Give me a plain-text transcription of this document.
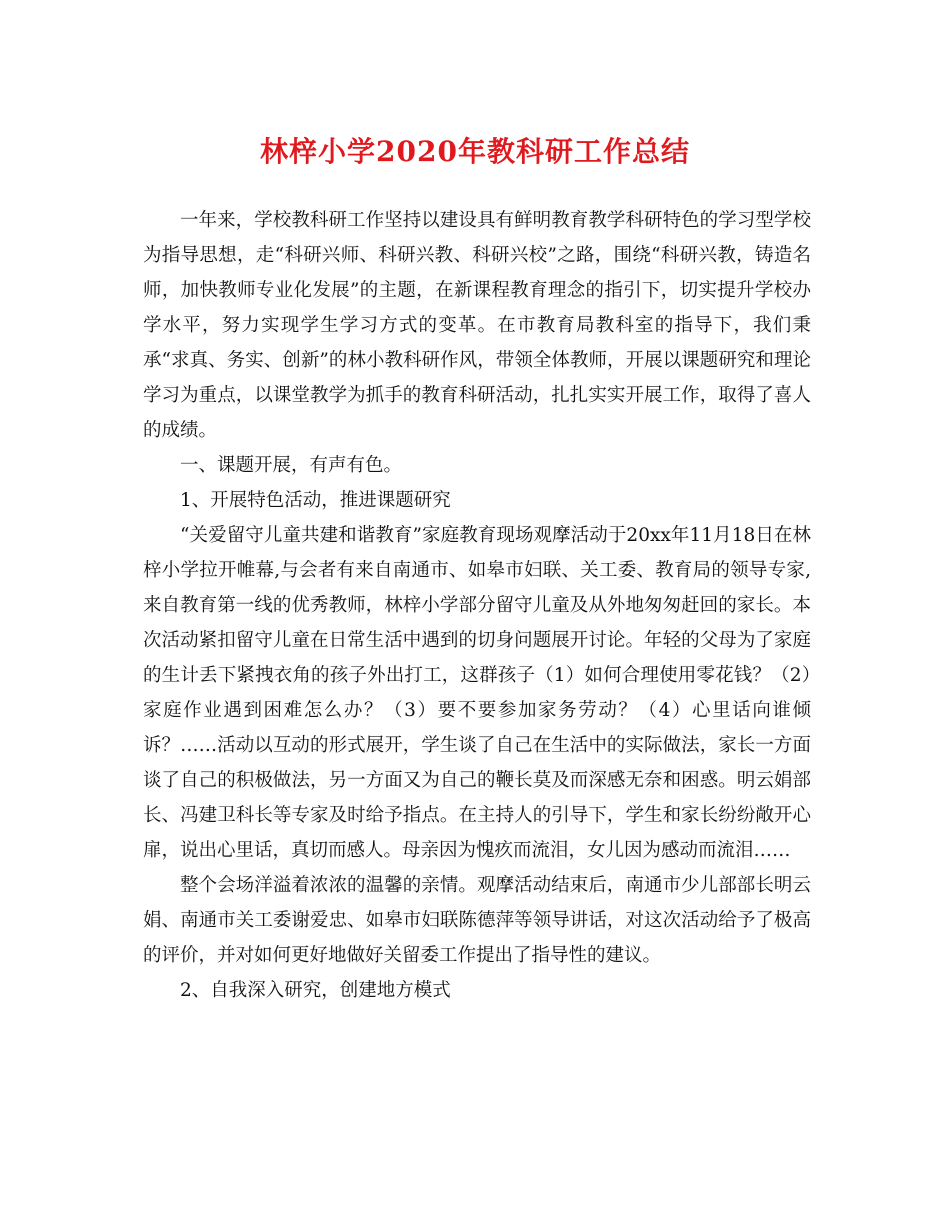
林梓小学2020年教科研工作总结

一年来，学校教科研工作坚持以建设具有鲜明教育教学科研特色的学习型学校为指导思想，走“科研兴师、科研兴教、科研兴校”之路，围绕“科研兴教，铸造名师，加快教师专业化发展”的主题，在新课程教育理念的指引下，切实提升学校办学水平，努力实现学生学习方式的变革。在市教育局教科室的指导下，我们秉承“求真、务实、创新”的林小教科研作风，带领全体教师，开展以课题研究和理论学习为重点，以课堂教学为抓手的教育科研活动，扎扎实实开展工作，取得了喜人的成绩。

一、课题开展，有声有色。

1、开展特色活动，推进课题研究

“关爱留守儿童共建和谐教育”家庭教育现场观摩活动于20xx年11月18日在林梓小学拉开帷幕,与会者有来自南通市、如皋市妇联、关工委、教育局的领导专家,来自教育第一线的优秀教师，林梓小学部分留守儿童及从外地匆匆赶回的家长。本次活动紧扣留守儿童在日常生活中遇到的切身问题展开讨论。年轻的父母为了家庭的生计丢下紧拽衣角的孩子外出打工，这群孩子（1）如何合理使用零花钱？（2）家庭作业遇到困难怎么办？（3）要不要参加家务劳动？（4）心里话向谁倾诉？……活动以互动的形式展开，学生谈了自己在生活中的实际做法，家长一方面谈了自己的积极做法，另一方面又为自己的鞭长莫及而深感无奈和困惑。明云娟部长、冯建卫科长等专家及时给予指点。在主持人的引导下，学生和家长纷纷敞开心扉，说出心里话，真切而感人。母亲因为愧疚而流泪，女儿因为感动而流泪……

整个会场洋溢着浓浓的温馨的亲情。观摩活动结束后，南通市少儿部部长明云娟、南通市关工委谢爱忠、如皋市妇联陈德萍等领导讲话，对这次活动给予了极高的评价，并对如何更好地做好关留委工作提出了指导性的建议。

2、自我深入研究，创建地方模式
